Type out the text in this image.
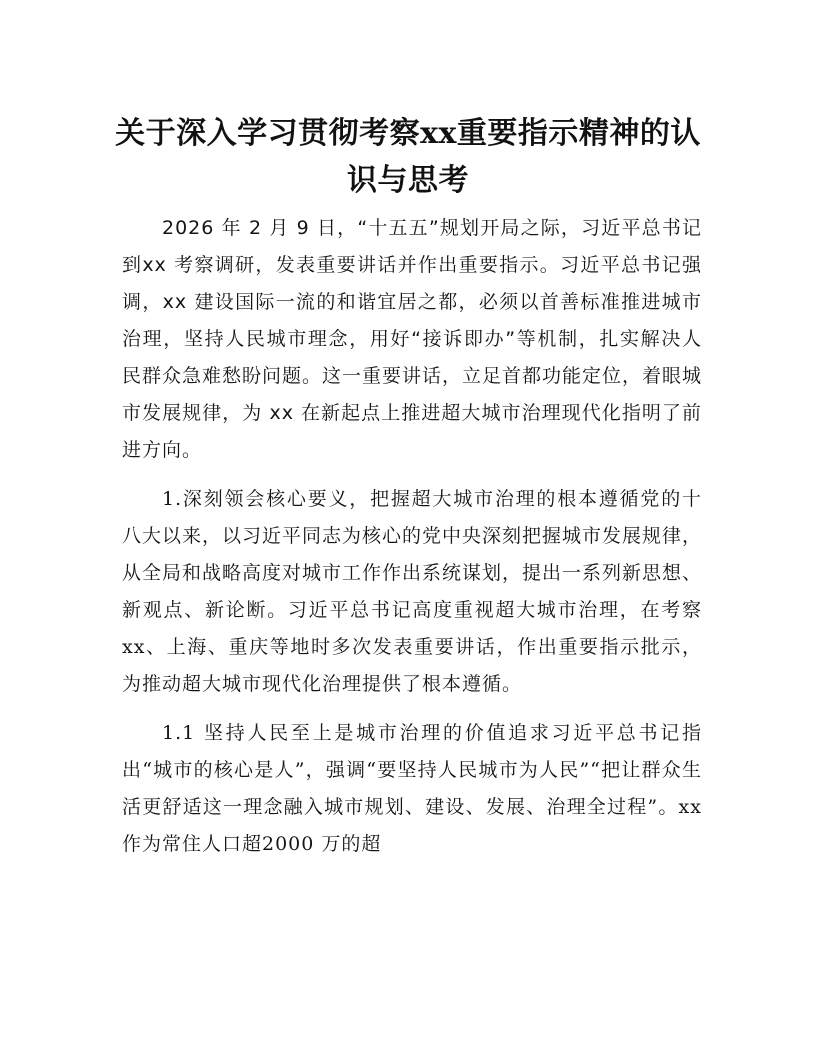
关于深入学习贯彻考察xx重要指示精神的认识与思考

2026 年 2 月 9 日，“十五五”规划开局之际，习近平总书记到xx 考察调研，发表重要讲话并作出重要指示。习近平总书记强调，xx 建设国际一流的和谐宜居之都，必须以首善标准推进城市治理，坚持人民城市理念，用好“接诉即办”等机制，扎实解决人民群众急难愁盼问题。这一重要讲话，立足首都功能定位，着眼城市发展规律，为 xx 在新起点上推进超大城市治理现代化指明了前进方向。

1.深刻领会核心要义，把握超大城市治理的根本遵循党的十八大以来，以习近平同志为核心的党中央深刻把握城市发展规律，从全局和战略高度对城市工作作出系统谋划，提出一系列新思想、新观点、新论断。习近平总书记高度重视超大城市治理，在考察xx、上海、重庆等地时多次发表重要讲话，作出重要指示批示，为推动超大城市现代化治理提供了根本遵循。

1.1 坚持人民至上是城市治理的价值追求习近平总书记指出“城市的核心是人”，强调“要坚持人民城市为人民”“把让群众生活更舒适这一理念融入城市规划、建设、发展、治理全过程”。xx 作为常住人口超2000 万的超
